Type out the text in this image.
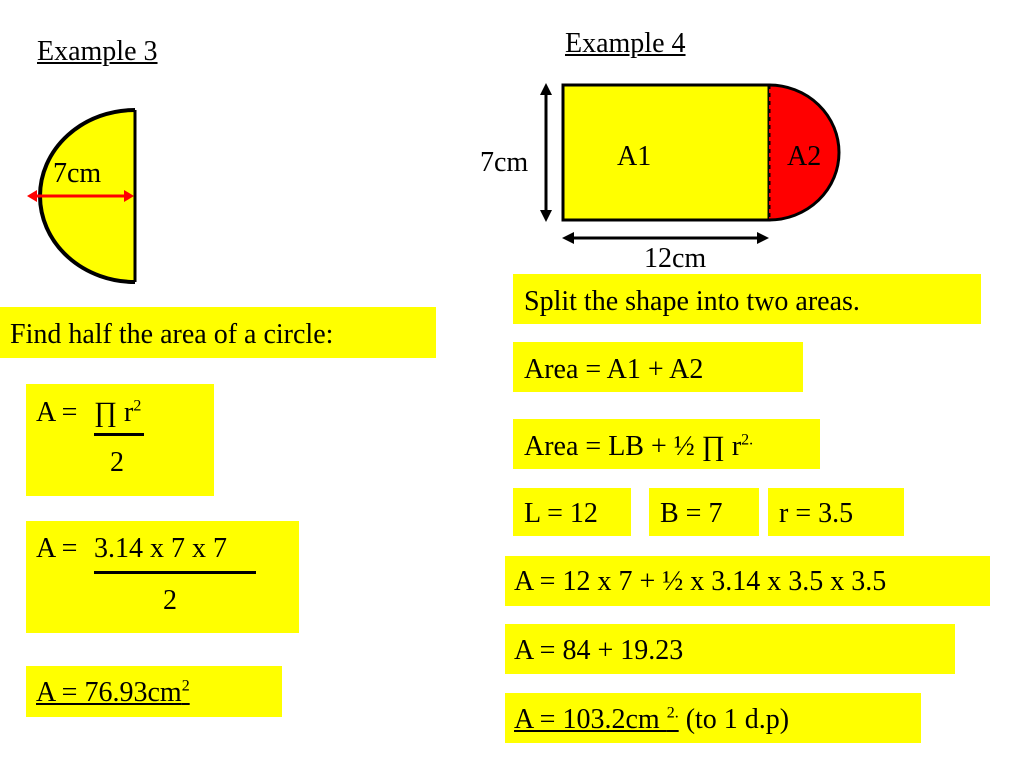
Example 3
7cm
Find half the area of a circle:
A = ∏ $r^2$
2
A = 3.14 x 7 x 7
2
$A = 76.93cm^2$
Example 4
7cm	A1	A2
12cm
Split the shape into two areas.
Area = A1 + A2
Area = LB + ½ ∏ $r^{2.}$
L = 12	B = 7	r = 3.5
A = 12 x 7 + ½ x 3.14 x 3.5 x 3.5
A = 84 + 19.23
A = 103.2cm $^{2.}$ (to 1 d.p)
